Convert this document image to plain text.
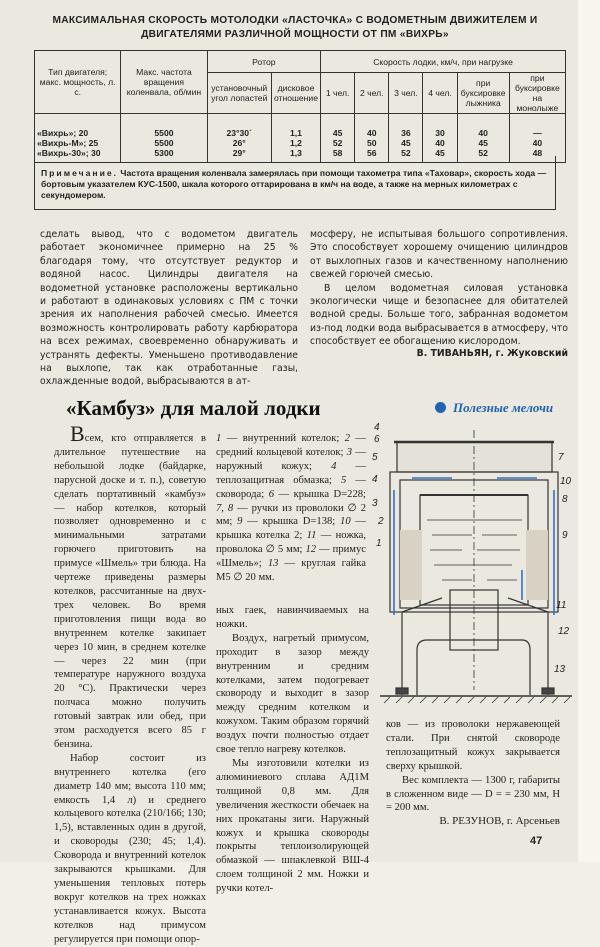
МАКСИМАЛЬНАЯ СКОРОСТЬ МОТОЛОДКИ «ЛАСТОЧКА» С ВОДОМЕТНЫМ ДВИЖИТЕЛЕМ И
ДВИГАТЕЛЯМИ РАЗЛИЧНОЙ МОЩНОСТИ ОТ ПМ «ВИХРЬ»
Тип двигателя; макс. мощность, л. с.	Макс. частота вращения коленвала, об/мин	Ротор		Скорость лодки, км/ч, при нагрузке					
		установочный угол лопастей	дисковое отношение	1 чел.	2 чел.	3 чел.	4 чел.	при буксировке лыжника	при буксировке на монолыже
«Вихрь»; 20	5500	23°30´	1,1	45	40	36	30	40	—
«Вихрь-М»; 25	5500	26°	1,2	52	50	45	40	45	40
«Вихрь-30»; 30	5300	29°	1,3	58	56	52	45	52	48
Примечание. Частота вращения коленвала замерялась при помощи тахометра типа «Таховар», скорость хода — бортовым указателем КУС-1500, шкала которого оттарирована в км/ч на воде, а также на мерных километрах с секундомером.
сделать вывод, что с водометом двигатель работает экономичнее примерно на 25 % благодаря тому, что отсутствует редуктор и водяной насос. Цилиндры двигателя на водометной установке расположены вертикально и работают в одинаковых условиях с ПМ с точки зрения их наполнения рабочей смесью. Имеется возможность контролировать работу карбюратора на всех режимах, своевременно обнаруживать и устранять дефекты. Уменьшено противодавление на выхлопе, так как отработанные газы, охлажденные водой, выбрасываются в ат-

мосферу, не испытывая большого сопротивления. Это способствует хорошему очищению цилиндров от выхлопных газов и качественному наполнению свежей горючей смесью.

В целом водометная силовая установка экологически чище и безопаснее для обитателей водной среды. Больше того, забранная водометом из-под лодки вода выбрасывается в атмосферу, что способствует ее обогащению кислородом.

В. ТИВАНЬЯН, г. Жуковский
«Камбуз» для малой лодки	Полезные мелочи

Всем, кто отправляется в длительное путешествие на небольшой лодке (байдарке, парусной доске и т. п.), советую сделать портативный «камбуз» — набор котелков, который позволяет одновременно и с минимальными затратами горючего приготовить на примусе «Шмель» три блюда. На чертеже приведены размеры котелков, рассчитанные на двух-трех человек. Во время приготовления пищи вода во внутреннем котелке закипает через 10 мин, в среднем котелке — через 22 мин (при температуре наружного воздуха 20 °С). Практически через полчаса можно получить готовый завтрак или обед, при этом расходуется всего 85 г бензина.

Набор состоит из внутреннего котелка (его диаметр 140 мм; высота 110 мм; емкость 1,4 л) и среднего кольцевого котелка (210/166; 130; 1,5), вставленных один в другой, и сковороды (230; 45; 1,4). Сковорода и внутренний котелок закрываются крышками. Для уменьшения тепловых потерь вокруг котелков на трех ножках устанавливается кожух. Высота котелков над примусом регулируется при помощи опор-

1 — внутренний котелок; 2 — средний кольцевой котелок; 3 — наружный кожух; 4 — теплозащитная обмазка; 5 — сковорода; 6 — крышка D=228; 7, 8 — ручки из проволоки ∅ 2 мм; 9 — крышка D=138; 10 — крышка котелка 2; 11 — ножка, проволока ∅ 5 мм; 12 — примус «Шмель»; 13 — круглая гайка М5 ∅ 20 мм.

ных гаек, навинчиваемых на ножки.

Воздух, нагретый примусом, проходит в зазор между внутренним и средним котелками, затем подогревает сковороду и выходит в зазор между средним котелком и кожухом. Таким образом горячий воздух почти полностью отдает свое тепло нагреву котелков.

Мы изготовили котелки из алюминиевого сплава АД1М толщиной 0,8 мм. Для увеличения жесткости обечаек на них прокатаны зиги. Наружный кожух и крышка сковороды покрыты теплоизолирующей обмазкой — шпаклевкой ВШ-4 слоем толщиной 2 мм. Ножки и ручки котел-

ков — из проволоки нержавеющей стали. При снятой сковороде теплозащитный кожух закрывается сверху крышкой.

Вес комплекта — 1300 г, габариты в сложенном виде — D = = 230 мм, Н = 200 мм.

В. РЕЗУНОВ, г. Арсеньев
47
4
6
5
4
3
2
1
7
10
8
9
11
12
13
